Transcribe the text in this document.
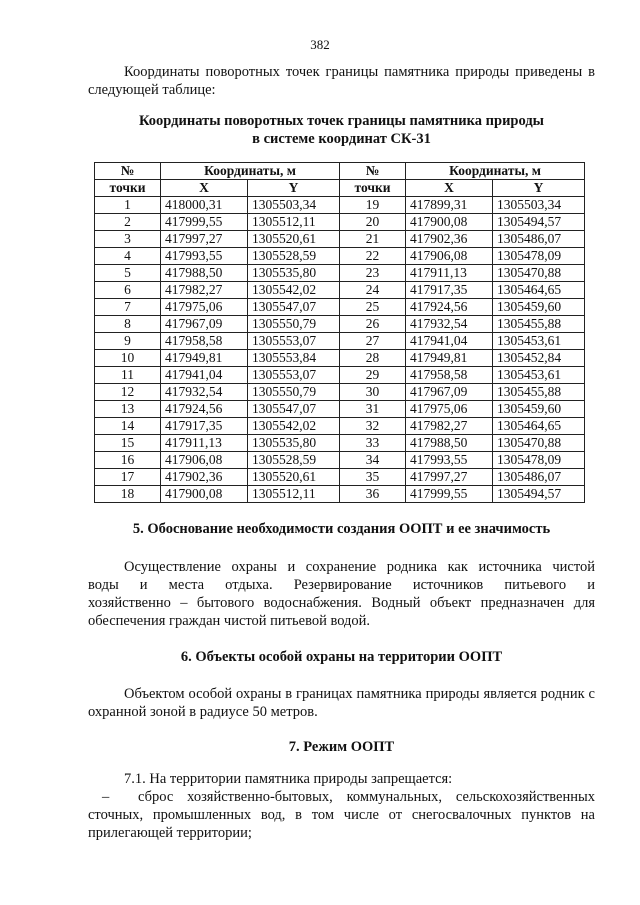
382
Координаты поворотных точек границы памятника природы приведены в следующей таблице:
Координаты поворотных точек границы памятника природы
в системе координат СК-31
№	Координаты, м		№	Координаты, м	
точки	X	Y	точки	X	Y
1	418000,31	1305503,34	19	417899,31	1305503,34
2	417999,55	1305512,11	20	417900,08	1305494,57
3	417997,27	1305520,61	21	417902,36	1305486,07
4	417993,55	1305528,59	22	417906,08	1305478,09
5	417988,50	1305535,80	23	417911,13	1305470,88
6	417982,27	1305542,02	24	417917,35	1305464,65
7	417975,06	1305547,07	25	417924,56	1305459,60
8	417967,09	1305550,79	26	417932,54	1305455,88
9	417958,58	1305553,07	27	417941,04	1305453,61
10	417949,81	1305553,84	28	417949,81	1305452,84
11	417941,04	1305553,07	29	417958,58	1305453,61
12	417932,54	1305550,79	30	417967,09	1305455,88
13	417924,56	1305547,07	31	417975,06	1305459,60
14	417917,35	1305542,02	32	417982,27	1305464,65
15	417911,13	1305535,80	33	417988,50	1305470,88
16	417906,08	1305528,59	34	417993,55	1305478,09
17	417902,36	1305520,61	35	417997,27	1305486,07
18	417900,08	1305512,11	36	417999,55	1305494,57
5. Обоснование необходимости создания ООПТ и ее значимость
Осуществление охраны и сохранение родника как источника чистой
воды и места отдыха. Резервирование источников питьевого и
хозяйственно – бытового водоснабжения. Водный объект предназначен для обеспечения граждан чистой питьевой водой.
6. Объекты особой охраны на территории ООПТ
Объектом особой охраны в границах памятника природы является родник с охранной зоной в радиусе 50 метров.
7. Режим ООПТ
7.1. На территории памятника природы запрещается:
– сброс хозяйственно-бытовых, коммунальных, сельскохозяйственных сточных, промышленных вод, в том числе от снегосвалочных пунктов на прилегающей территории;
